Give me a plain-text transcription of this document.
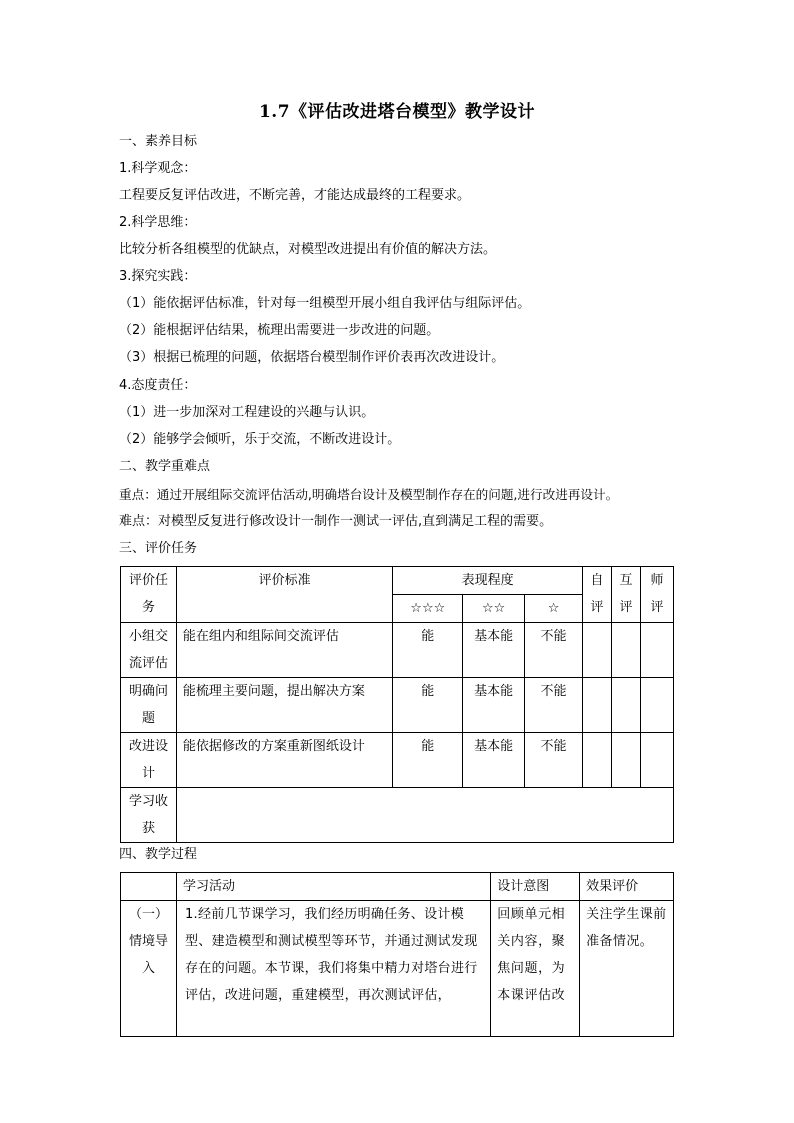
1.7《评估改进塔台模型》教学设计
一、素养目标
1.科学观念：
工程要反复评估改进，不断完善，才能达成最终的工程要求。
2.科学思维：
比较分析各组模型的优缺点，对模型改进提出有价值的解决方法。
3.探究实践：
（1）能依据评估标准，针对每一组模型开展小组自我评估与组际评估。
（2）能根据评估结果，梳理出需要进一步改进的问题。
（3）根据已梳理的问题，依据塔台模型制作评价表再次改进设计。
4.态度责任：
（1）进一步加深对工程建设的兴趣与认识。
（2）能够学会倾听，乐于交流，不断改进设计。
二、教学重难点
重点：通过开展组际交流评估活动,明确塔台设计及模型制作存在的问题,进行改进再设计。
难点：对模型反复进行修改设计一制作一测试一评估,直到满足工程的需要。
三、评价任务
评价任务	评价标准	表现程度			自评	互评	师评
		☆☆☆	☆☆	☆			
小组交流评估	能在组内和组际间交流评估	能	基本能	不能			
明确问题	能梳理主要问题，提出解决方案	能	基本能	不能			
改进设计	能依据修改的方案重新图纸设计	能	基本能	不能			
学习收获							
四、教学过程
	学习活动	设计意图	效果评价
（一）情境导入	1.经前几节课学习，我们经历明确任务、设计模型、建造模型和测试模型等环节，并通过测试发现存在的问题。本节课，我们将集中精力对塔台进行评估，改进问题，重建模型，再次测试评估，	回顾单元相关内容，聚焦问题，为本课评估改	关注学生课前准备情况。
